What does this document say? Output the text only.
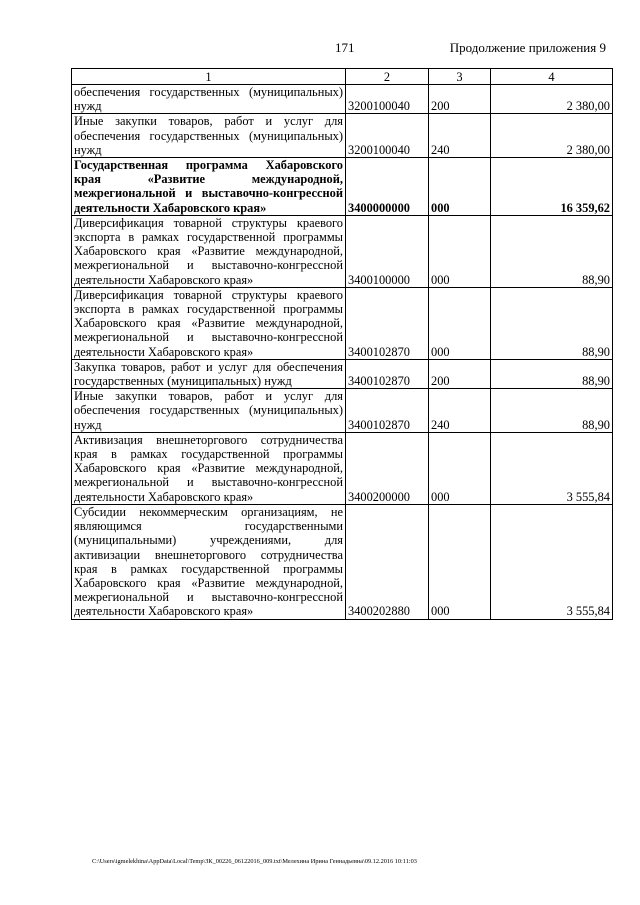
171	Продолжение приложения 9
1	2	3	4
обеспечения государственных (муниципальных) нужд	3200100040	200	2 380,00
Иные закупки товаров, работ и услуг для обеспечения государственных (муниципальных) нужд	3200100040	240	2 380,00
Государственная программа Хабаровского края «Развитие международной, межрегиональной и выставочно-конгрессной деятельности Хабаровского края»	3400000000	000	16 359,62
Диверсификация товарной структуры краевого экспорта в рамках государственной программы Хабаровского края «Развитие международной, межрегиональной и выставочно-конгрессной деятельности Хабаровского края»	3400100000	000	88,90
Диверсификация товарной структуры краевого экспорта в рамках государственной программы Хабаровского края «Развитие международной, межрегиональной и выставочно-конгрессной деятельности Хабаровского края»	3400102870	000	88,90
Закупка товаров, работ и услуг для обеспечения государственных (муниципальных) нужд	3400102870	200	88,90
Иные закупки товаров, работ и услуг для обеспечения государственных (муниципальных) нужд	3400102870	240	88,90
Активизация внешнеторгового сотрудничества края в рамках государственной программы Хабаровского края «Развитие международной, межрегиональной и выставочно-конгрессной деятельности Хабаровского края»	3400200000	000	3 555,84
Субсидии некоммерческим организациям, не являющимся государственными (муниципальными) учреждениями, для активизации внешнеторгового сотрудничества края в рамках государственной программы Хабаровского края «Развитие международной, межрегиональной и выставочно-конгрессной деятельности Хабаровского края»	3400202880	000	3 555,84
C:\Users\igmelekhina\AppData\Local\Temp\ЗК_00226_06122016_009.txt\Мелехина Ирина Геннадьевна\09.12.2016 10:11:03
